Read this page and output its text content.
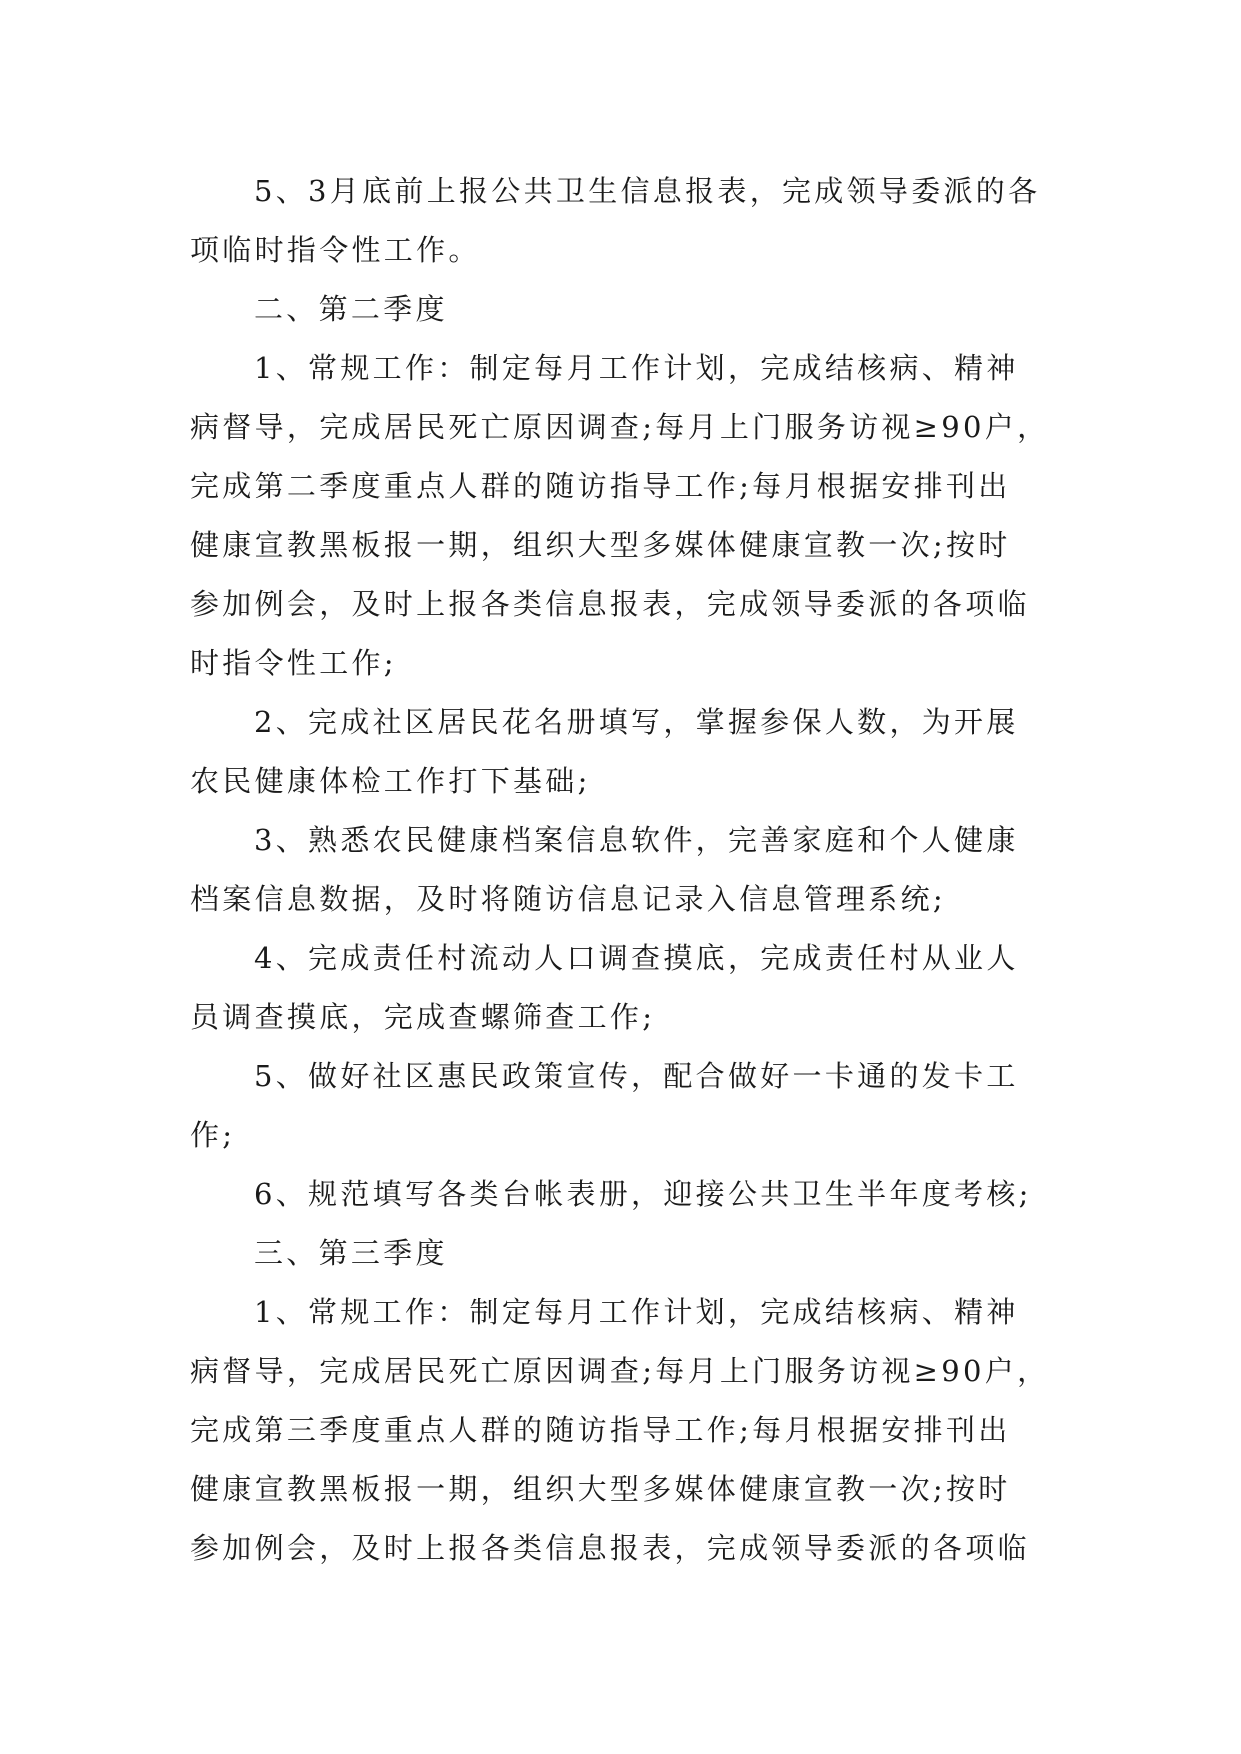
5、3月底前上报公共卫生信息报表，完成领导委派的各
项临时指令性工作。
二、第二季度
1、常规工作：制定每月工作计划，完成结核病、精神
病督导，完成居民死亡原因调查;每月上门服务访视≥90户，
完成第二季度重点人群的随访指导工作;每月根据安排刊出
健康宣教黑板报一期，组织大型多媒体健康宣教一次;按时
参加例会，及时上报各类信息报表，完成领导委派的各项临
时指令性工作;
2、完成社区居民花名册填写，掌握参保人数，为开展
农民健康体检工作打下基础;
3、熟悉农民健康档案信息软件，完善家庭和个人健康
档案信息数据，及时将随访信息记录入信息管理系统;
4、完成责任村流动人口调查摸底，完成责任村从业人
员调查摸底，完成查螺筛查工作;
5、做好社区惠民政策宣传，配合做好一卡通的发卡工
作;
6、规范填写各类台帐表册，迎接公共卫生半年度考核;
三、第三季度
1、常规工作：制定每月工作计划，完成结核病、精神
病督导，完成居民死亡原因调查;每月上门服务访视≥90户，
完成第三季度重点人群的随访指导工作;每月根据安排刊出
健康宣教黑板报一期，组织大型多媒体健康宣教一次;按时
参加例会，及时上报各类信息报表，完成领导委派的各项临
